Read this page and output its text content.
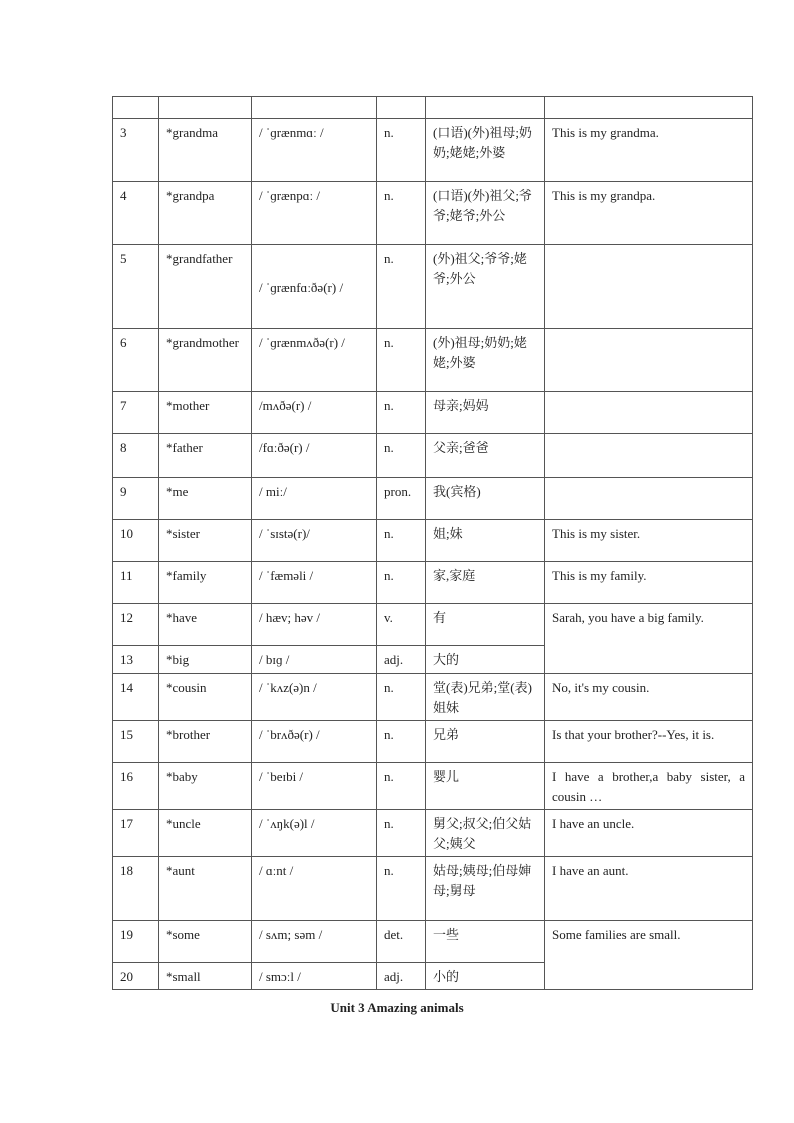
3	*grandma	/ ˈɡrænmɑː /	n.	(口语)(外)祖母;奶奶;姥姥;外婆	This is my grandma.
4	*grandpa	/ ˈɡrænpɑː /	n.	(口语)(外)祖父;爷爷;姥爷;外公	This is my grandpa.
5	*grandfather	/ ˈɡrænfɑːðə(r) /	n.	(外)祖父;爷爷;姥爷;外公	
6	*grandmother	/ ˈɡrænmʌðə(r) /	n.	(外)祖母;奶奶;姥姥;外婆	
7	*mother	/mʌðə(r) /	n.	母亲;妈妈	
8	*father	/fɑːðə(r) /	n.	父亲;爸爸	
9	*me	/ miː/	pron.	我(宾格)	
10	*sister	/ ˈsɪstə(r)/	n.	姐;妹	This is my sister.
11	*family	/ ˈfæməli /	n.	家,家庭	This is my family.
12	*have	/ hæv; həv /	v.	有	Sarah, you have a big family.
13	*big	/ bɪɡ /	adj.	大的	
14	*cousin	/ ˈkʌz(ə)n /	n.	堂(表)兄弟;堂(表)姐妹	No, it's my cousin.
15	*brother	/ ˈbrʌðə(r) /	n.	兄弟	Is that your brother?--Yes, it is.
16	*baby	/ ˈbeɪbi /	n.	婴儿	I have a brother,a baby sister, a cousin …
17	*uncle	/ ˈʌŋk(ə)l /	n.	舅父;叔父;伯父姑父;姨父	I have an uncle.
18	*aunt	/ ɑːnt /	n.	姑母;姨母;伯母婶母;舅母	I have an aunt.
19	*some	/ sʌm; səm /	det.	一些	Some families are small.
20	*small	/ smɔːl /	adj.	小的	
Unit 3 Amazing animals
